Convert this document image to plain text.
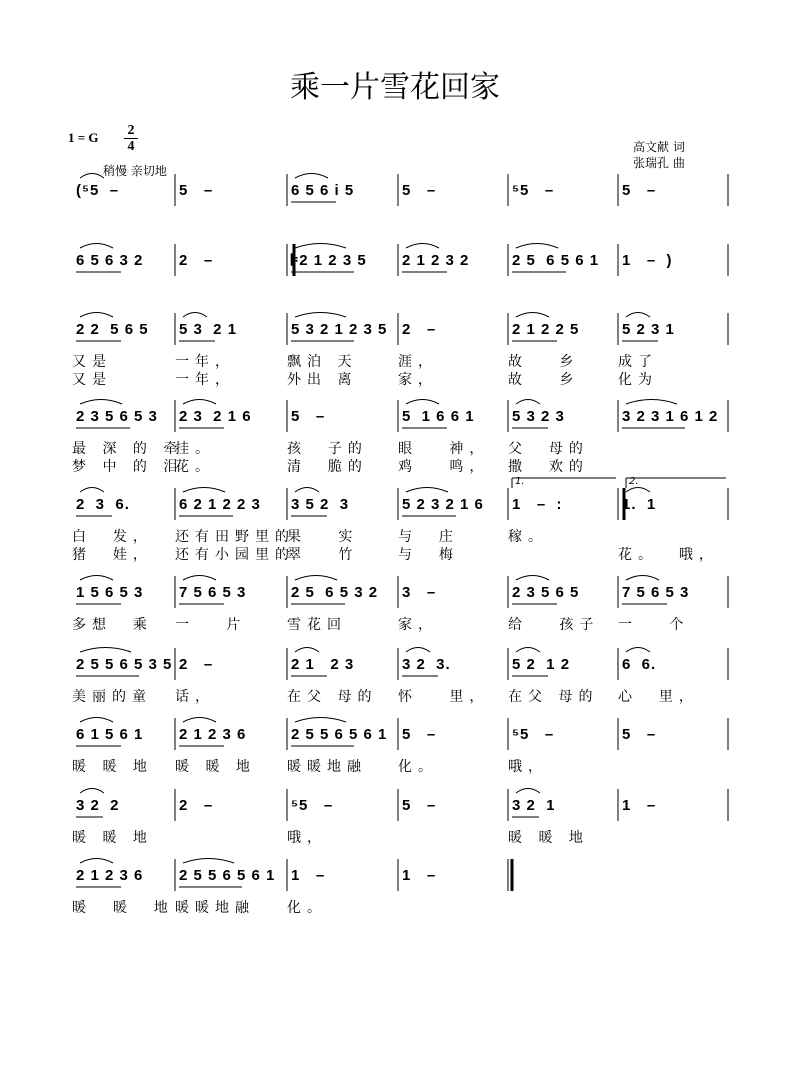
乘一片雪花回家
1 = G 2
4
稍慢 亲切地
高文献 词
张瑞孔 曲
(⁵5  –	5   –	6 5 6 i 5	5   –	⁵5   –	5   –
6 5 6 3 2 2   –	𝄆2 1 2 3 5 2 1 2 3 2	2 5  6 5 6 1 1   –  )
2 2  5 6 5 5 3  2 1	5 3 2 1 2 3 5 2   –	2 1 2 2 5	5 2 3 1
又是	一年，	飘泊 天	涯，	故   乡	成了
又是	一年，	外出 离	家，	故   乡	化为
2 3 5 6 5 3 2 3  2 1 6	5   –	5  1 6 6 1 5 3 2 3	3 2 3 1 6 1 2
最 深 的 牵
挂。	孩  子的 眼   神， 父  母的
梦 中 的 泪
花。	清  脆的 鸡   鸣， 撒  欢的
2  3  6.	6 2 1 2 2 3 3 5 2  3	5 2 3 2 1 6 1   –  :	1.  1
白  发， 还有田野里的
果   实	与  庄	稼。
猪  娃， 还有小园里的
翠   竹	与  梅	花。  哦，
1.	2.
1 5 6 5 3 7 5 6 5 3	2 5  6 5 3 2 3   –	2 3 5 6 5	7 5 6 5 3
多想  乘 一   片	雪花回	家，	给   孩子 一   个
2 5 5 6 5 3 5 2   –	2 1   2 3	3 2  3.	5 2  1 2	6  6.
美丽的童 话，	在父 母的 怀   里， 在父 母的 心  里，
6 1 5 6 1 2 1 2 3 6	2 5 5 6 5 6 1 5   –	⁵5   –	5   –
暖 暖 地 暖 暖 地 暖暖地融 化。	哦，
3 2  2	2   –	⁵5   –	5   –	3 2  1	1   –
暖 暖 地	哦，	暖 暖 地
2 1 2 3 6 2 5 5 6 5 6 1 1   –	1   –
暖  暖  地 暖暖地融 化。
